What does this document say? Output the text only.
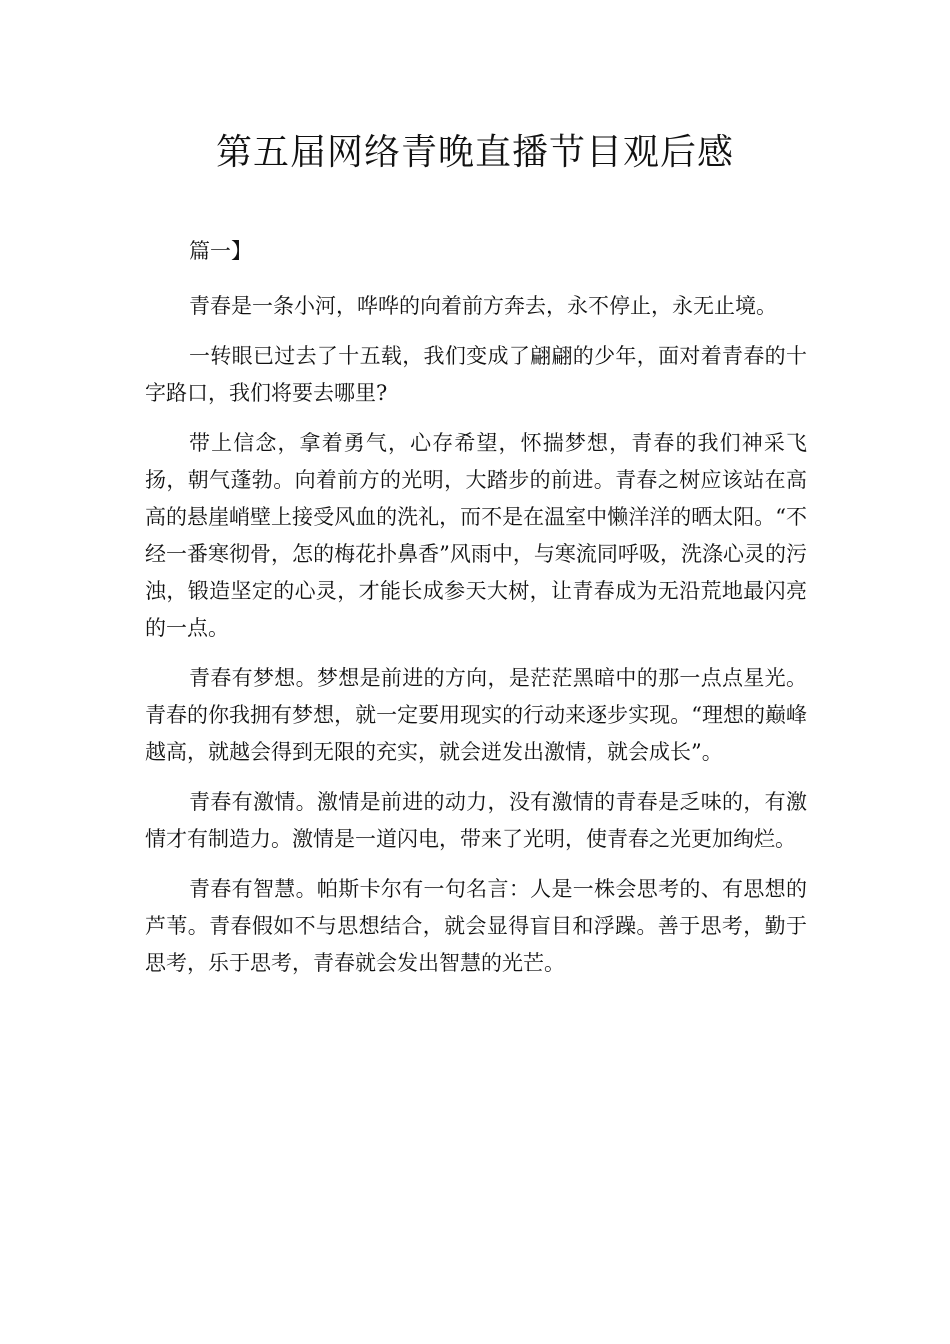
第五届网络青晚直播节目观后感

篇一】

青春是一条小河，哗哗的向着前方奔去，永不停止，永无止境。

一转眼已过去了十五载，我们变成了翩翩的少年，面对着青春的十字路口，我们将要去哪里?

带上信念，拿着勇气，心存希望，怀揣梦想，青春的我们神采飞扬，朝气蓬勃。向着前方的光明，大踏步的前进。青春之树应该站在高高的悬崖峭壁上接受风血的洗礼，而不是在温室中懒洋洋的晒太阳。“不经一番寒彻骨，怎的梅花扑鼻香”风雨中，与寒流同呼吸，洗涤心灵的污浊，锻造坚定的心灵，才能长成参天大树，让青春成为无沿荒地最闪亮的一点。

青春有梦想。梦想是前进的方向，是茫茫黑暗中的那一点点星光。青春的你我拥有梦想，就一定要用现实的行动来逐步实现。“理想的巅峰越高，就越会得到无限的充实，就会迸发出激情，就会成长”。

青春有激情。激情是前进的动力，没有激情的青春是乏味的，有激情才有制造力。激情是一道闪电，带来了光明，使青春之光更加绚烂。

青春有智慧。帕斯卡尔有一句名言：人是一株会思考的、有思想的芦苇。青春假如不与思想结合，就会显得盲目和浮躁。善于思考，勤于思考，乐于思考，青春就会发出智慧的光芒。
